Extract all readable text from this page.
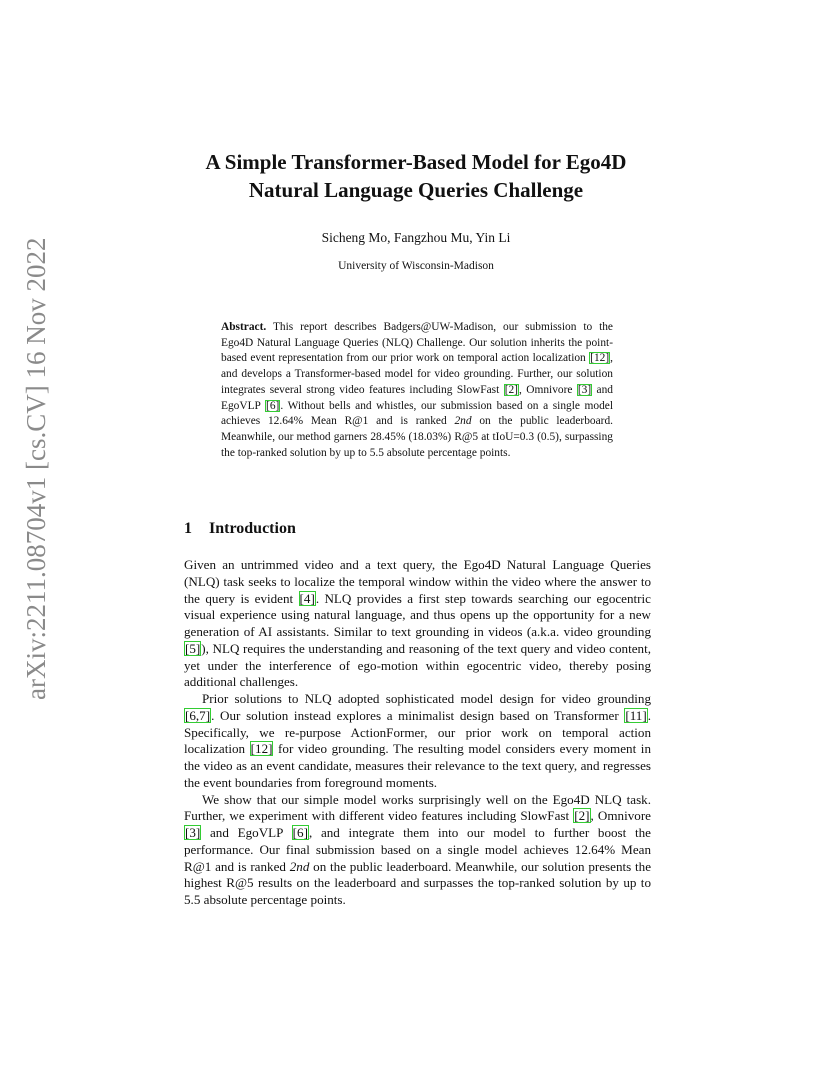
arXiv:2211.08704v1 [cs.CV] 16 Nov 2022
A Simple Transformer-Based Model for Ego4D
Natural Language Queries Challenge
Sicheng Mo, Fangzhou Mu, Yin Li
University of Wisconsin-Madison
Abstract. This report describes Badgers@UW-Madison, our submission to the Ego4D Natural Language Queries (NLQ) Challenge. Our solution inherits the point-based event representation from our prior work on temporal action localization [12], and develops a Transformer-based model for video grounding. Further, our solution integrates several strong video features including SlowFast [2], Omnivore [3] and EgoVLP [6]. Without bells and whistles, our submission based on a single model achieves 12.64% Mean R@1 and is ranked 2nd on the public leaderboard. Meanwhile, our method garners 28.45% (18.03%) R@5 at tIoU=0.3 (0.5), surpassing the top-ranked solution by up to 5.5 absolute percentage points.
1 Introduction

Given an untrimmed video and a text query, the Ego4D Natural Language Queries (NLQ) task seeks to localize the temporal window within the video where the answer to the query is evident [4]. NLQ provides a first step towards searching our egocentric visual experience using natural language, and thus opens up the opportunity for a new generation of AI assistants. Similar to text grounding in videos (a.k.a. video grounding [5]), NLQ requires the understanding and reasoning of the text query and video content, yet under the interference of ego-motion within egocentric video, thereby posing additional challenges.

Prior solutions to NLQ adopted sophisticated model design for video grounding [6,7]. Our solution instead explores a minimalist design based on Transformer [11]. Specifically, we re-purpose ActionFormer, our prior work on temporal action localization [12] for video grounding. The resulting model considers every moment in the video as an event candidate, measures their relevance to the text query, and regresses the event boundaries from foreground moments.

We show that our simple model works surprisingly well on the Ego4D NLQ task. Further, we experiment with different video features including SlowFast [2], Omnivore [3] and EgoVLP [6], and integrate them into our model to further boost the performance. Our final submission based on a single model achieves 12.64% Mean R@1 and is ranked 2nd on the public leaderboard. Meanwhile, our solution presents the highest R@5 results on the leaderboard and surpasses the top-ranked solution by up to 5.5 absolute percentage points.
